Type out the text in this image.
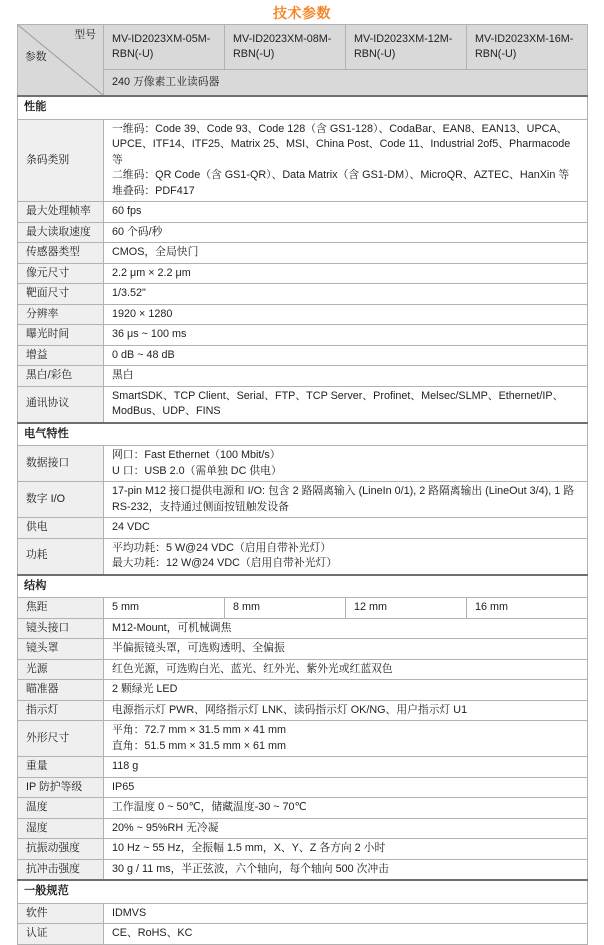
技术参数
型号
参数	MV-ID2023XM-05M-RBN(-U)	MV-ID2023XM-08M-RBN(-U)	MV-ID2023XM-12M-RBN(-U)	MV-ID2023XM-16M-RBN(-U)
	240 万像素工业读码器			
性能				
条码类别	一维码：Code 39、Code 93、Code 128（含 GS1-128）、CodaBar、EAN8、EAN13、UPCA、UPCE、ITF14、ITF25、Matrix 25、MSI、China Post、Code 11、Industrial 2of5、Pharmacode 等
二维码：QR Code（含 GS1-QR）、Data Matrix（含 GS1-DM）、MicroQR、AZTEC、HanXin 等
堆叠码：PDF417			

最大处理帧率	60 fps			
最大读取速度	60 个码/秒			
传感器类型	CMOS，全局快门			
像元尺寸	2.2 μm × 2.2 μm			
靶面尺寸	1/3.52"			
分辨率	1920 × 1280			
曝光时间	36 μs ~ 100 ms			
增益	0 dB ~ 48 dB			
黑白/彩色	黑白			
通讯协议	SmartSDK、TCP Client、Serial、FTP、TCP Server、Profinet、Melsec/SLMP、Ethernet/IP、ModBus、UDP、FINS			
电气特性				
数据接口	网口：Fast Ethernet（100 Mbit/s）
U 口：USB 2.0（需单独 DC 供电）			

数字 I/O	17-pin M12 接口提供电源和 I/O: 包含 2 路隔离输入 (LineIn 0/1), 2 路隔离输出 (LineOut 3/4), 1 路 RS-232，支持通过侧面按钮触发设备			
供电	24 VDC			
功耗	平均功耗：5 W@24 VDC（启用自带补光灯）
最大功耗：12 W@24 VDC（启用自带补光灯）			

结构				
焦距	5 mm	8 mm	12 mm	16 mm
镜头接口	M12-Mount，可机械调焦			
镜头罩	半偏振镜头罩，可选购透明、全偏振			
光源	红色光源，可选购白光、蓝光、红外光、紫外光或红蓝双色			
瞄准器	2 颗绿光 LED			
指示灯	电源指示灯 PWR、网络指示灯 LNK、读码指示灯 OK/NG、用户指示灯 U1			
外形尺寸	平角：72.7 mm × 31.5 mm × 41 mm
直角：51.5 mm × 31.5 mm × 61 mm			

重量	118 g			
IP 防护等级	IP65			
温度	工作温度 0 ~ 50℃，储藏温度-30 ~ 70℃			
湿度	20% ~ 95%RH 无冷凝			
抗振动强度	10 Hz ~ 55 Hz，全振幅 1.5 mm，X、Y、Z 各方向 2 小时			
抗冲击强度	30 g / 11 ms，半正弦波，六个轴向，每个轴向 500 次冲击			
一般规范				
软件	IDMVS			
认证	CE、RoHS、KC			
